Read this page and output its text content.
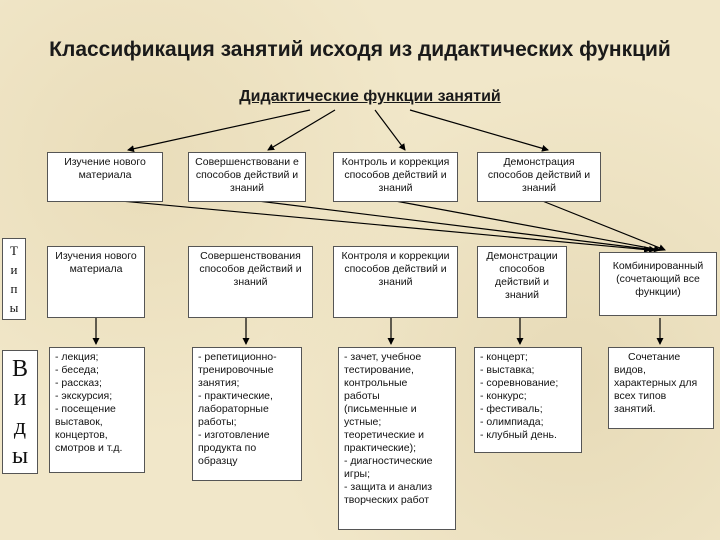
Классификация занятий исходя из дидактических функций
Дидактические функции занятий
Изучение нового материала
Совершенствовани е способов действий и знаний
Контроль и коррекция способов действий и знаний
Демонстрация способов действий и знаний
Т
и
п
ы
Изучения нового материала
Совершенствования способов действий и знаний
Контроля и коррекции способов действий и знаний
Демонстрации способов действий и знаний
Комбинированный (сочетающий все функции)
В
и
д
ы
- лекция;
- беседа;
- рассказ;
- экскурсия;
- посещение
выставок,
концертов,
смотров и т.д.
- репетиционно-
тренировочные
занятия;
- практические,
лабораторные
работы;
- изготовление
продукта по
образцу
- зачет, учебное
тестирование,
контрольные
работы
(письменные и
устные;
теоретические и
практические);
- диагностические
игры;
- защита и анализ
творческих работ
- концерт;
- выставка;
- соревнование;
- конкурс;
- фестиваль;
- олимпиада;
- клубный день.
Сочетание
видов,
характерных для
всех типов
занятий.
